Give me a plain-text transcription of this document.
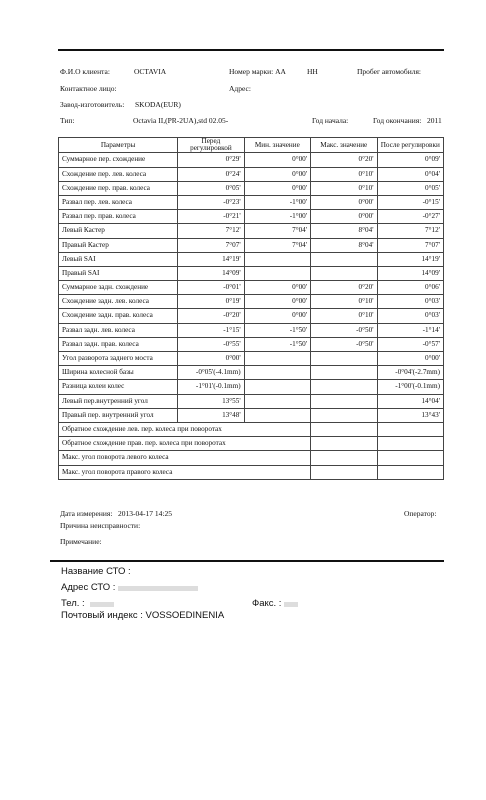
Ф.И.О клиента:	OCTAVIA	Номер марки: АА	НН	Пробег автомобиля:
Контактное лицо:	Адрес:
Завод-изготовитель: SKODA(EUR)
Тип:	Octavia II,(PR-2UA),std 02.05-	Год начала:	Год окончания: 2011
Параметры	Перед регулировкой	Мин. значение	Макс. значение	После регулировки
Суммарное пер. схождение	0°29'	0°00'	0°20'	0°09'
Схождение пер. лев. колеса	0°24'	0°00'	0°10'	0°04'
Схождение пер. прав. колеса	0°05'	0°00'	0°10'	0°05'
Развал пер. лев. колеса	-0°23'	-1°00'	0°00'	-0°15'
Развал пер. прав. колеса	-0°21'	-1°00'	0°00'	-0°27'
Левый Кастер	7°12'	7°04'	8°04'	7°12'
Правый Кастер	7°07'	7°04'	8°04'	7°07'
Левый SAI	14°19'			14°19'
Правый SAI	14°09'			14°09'
Суммарное задн. схождение	-0°01'	0°00'	0°20'	0°06'
Схождение задн. лев. колеса	0°19'	0°00'	0°10'	0°03'
Схождение задн. прав. колеса	-0°20'	0°00'	0°10'	0°03'
Развал задн. лев. колеса	-1°15'	-1°50'	-0°50'	-1°14'
Развал задн. прав. колеса	-0°55'	-1°50'	-0°50'	-0°57'
Угол разворота заднего моста	0°00'			0°00'
Ширина колесной базы	-0°05'(-4.1mm)			-0°04'(-2.7mm)
Разница колеи колес	-1°01'(-0.1mm)			-1°00'(-0.1mm)
Левый пер.внутренний угол	13°55'			14°04'
Правый пер. внутренний угол	13°48'			13°43'
Обратное схождение лев. пер. колеса при поворотах				
Обратное схождение прав. пер. колеса при поворотах				
Макс. угол поворота левого колеса				
Макс. угол поворота правого колеса				
Дата измерения: 2013-04-17 14:25	Оператор:
Причина неисправности:
Примечание:
Название СТО :
Адрес СТО :
Тел. :	Факс. :
Почтовый индекс : VOSSOEDINENIA
